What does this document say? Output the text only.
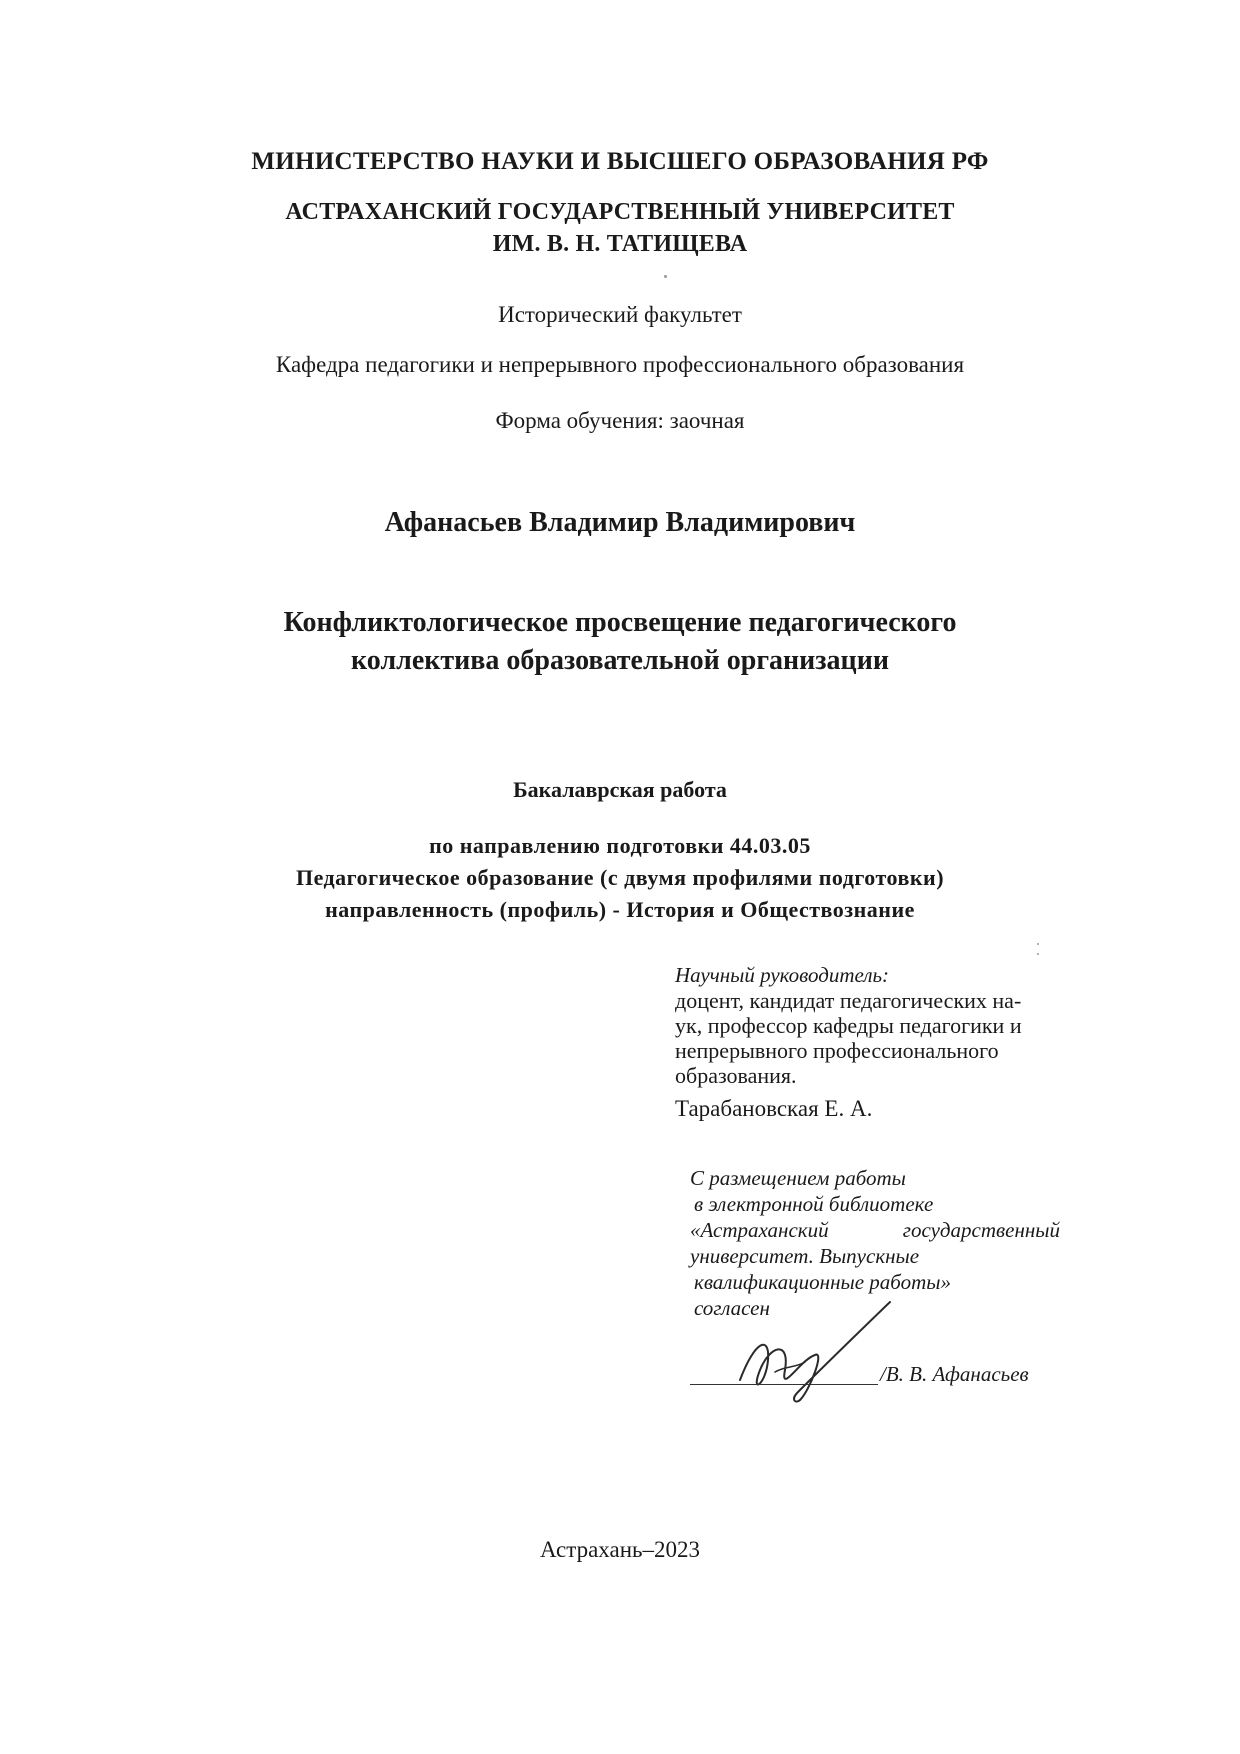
МИНИСТЕРСТВО НАУКИ И ВЫСШЕГО ОБРАЗОВАНИЯ РФ
АСТРАХАНСКИЙ ГОСУДАРСТВЕННЫЙ УНИВЕРСИТЕТ
ИМ. В. Н. ТАТИЩЕВА
Исторический факультет
Кафедра педагогики и непрерывного профессионального образования
Форма обучения: заочная
Афанасьев Владимир Владимирович
Конфликтологическое просвещение педагогического
коллектива образовательной организации
Бакалаврская работа
по направлению подготовки 44.03.05
Педагогическое образование (с двумя профилями подготовки)
направленность (профиль) - История и Обществознание
Научный руководитель:
доцент, кандидат педагогических на-
ук, профессор кафедры педагогики и
непрерывного профессионального
образования.
Тарабановская Е. А.
С размещением работы
в электронной библиотеке
«Астраханский	государственный
университет. Выпускные
квалификационные работы»
согласен
/В. В. Афанасьев
Астрахань–2023
